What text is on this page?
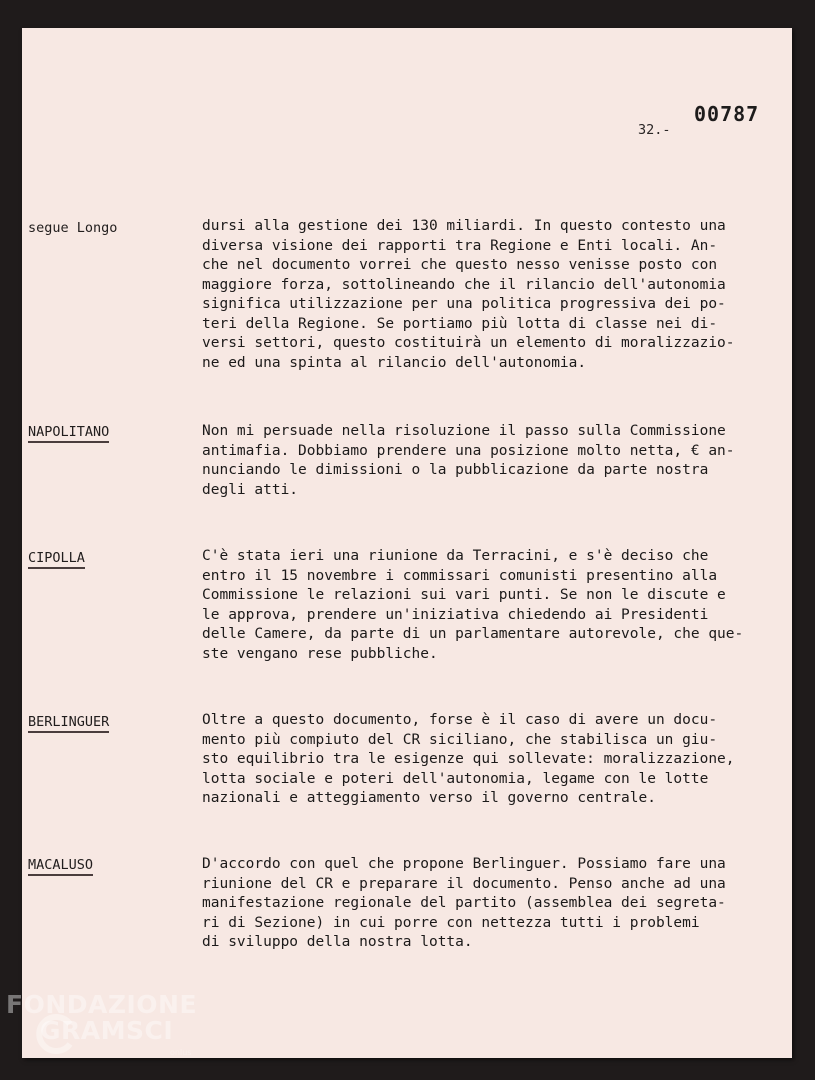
00787
32.-

segue Longo	dursi alla gestione dei 130 miliardi. In questo contesto una

diversa visione dei rapporti tra Regione e Enti locali. An-

che nel documento vorrei che questo nesso venisse posto con

maggiore forza, sottolineando che il rilancio dell'autonomia

significa utilizzazione per una politica progressiva dei po-

teri della Regione. Se portiamo più lotta di classe nei di-

versi settori, questo costituirà un elemento di moralizzazio-

ne ed una spinta al rilancio dell'autonomia.

NAPOLITANO	Non mi persuade nella risoluzione il passo sulla Commissione

antimafia. Dobbiamo prendere una posizione molto netta, € an-

nunciando le dimissioni o la pubblicazione da parte nostra

degli atti.

CIPOLLA	C'è stata ieri una riunione da Terracini, e s'è deciso che

entro il 15 novembre i commissari comunisti presentino alla

Commissione le relazioni sui vari punti. Se non le discute e

le approva, prendere un'iniziativa chiedendo ai Presidenti

delle Camere, da parte di un parlamentare autorevole, che que-

ste vengano rese pubbliche.

BERLINGUER	Oltre a questo documento, forse è il caso di avere un docu-

mento più compiuto del CR siciliano, che stabilisca un giu-

sto equilibrio tra le esigenze qui sollevate: moralizzazione,

lotta sociale e poteri dell'autonomia, legame con le lotte

nazionali e atteggiamento verso il governo centrale.

MACALUSO	D'accordo con quel che propone Berlinguer. Possiamo fare una

riunione del CR e preparare il documento. Penso anche ad una

manifestazione regionale del partito (assemblea dei segreta-

ri di Sezione) in cui porre con nettezza tutti i problemi

di sviluppo della nostra lotta.

FONDAZIONE
GRAMSCI
onlus
